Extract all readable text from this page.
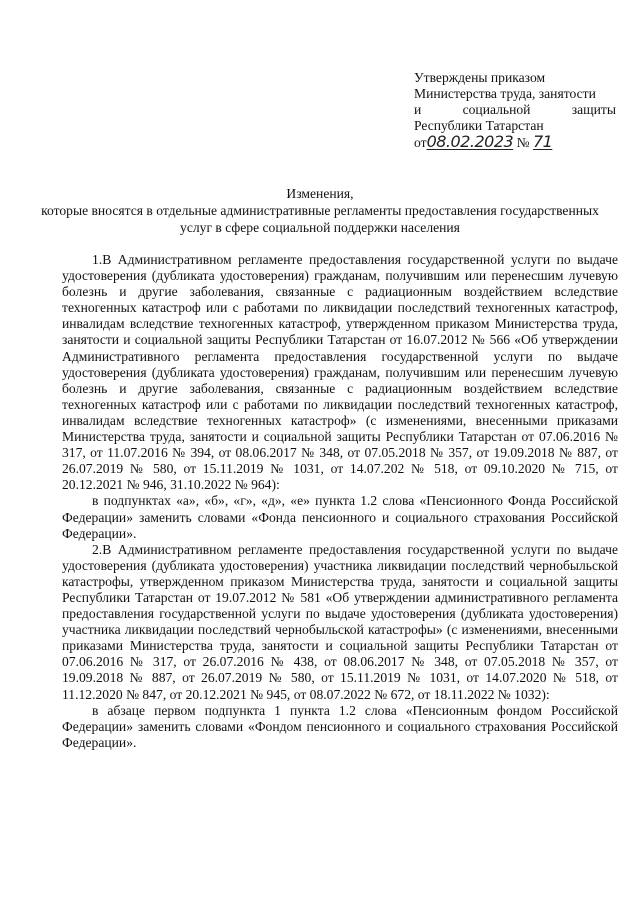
Утверждены приказом
Министерства труда, занятости
и социальной защиты
Республики Татарстан
от08.02.2023 № 71
Изменения,
которые вносятся в отдельные административные регламенты предоставления государственных услуг в сфере социальной поддержки населения

1.В Административном регламенте предоставления государственной услуги по выдаче удостоверения (дубликата удостоверения) гражданам, получившим или перенесшим лучевую болезнь и другие заболевания, связанные с радиационным воздействием вследствие техногенных катастроф или с работами по ликвидации последствий техногенных катастроф, инвалидам вследствие техногенных катастроф, утвержденном приказом Министерства труда, занятости и социальной защиты Республики Татарстан от 16.07.2012 № 566 «Об утверждении Административного регламента предоставления государственной услуги по выдаче удостоверения (дубликата удостоверения) гражданам, получившим или перенесшим лучевую болезнь и другие заболевания, связанные с радиационным воздействием вследствие техногенных катастроф или с работами по ликвидации последствий техногенных катастроф, инвалидам вследствие техногенных катастроф» (с изменениями, внесенными приказами Министерства труда, занятости и социальной защиты Республики Татарстан от 07.06.2016 № 317, от 11.07.2016 № 394, от 08.06.2017 № 348, от 07.05.2018 № 357, от 19.09.2018 № 887, от 26.07.2019 № 580, от 15.11.2019 № 1031, от 14.07.202 № 518, от 09.10.2020 № 715, от 20.12.2021 № 946, 31.10.2022 № 964):

в подпунктах «а», «б», «г», «д», «е» пункта 1.2 слова «Пенсионного Фонда Российской Федерации» заменить словами «Фонда пенсионного и социального страхования Российской Федерации».

2.В Административном регламенте предоставления государственной услуги по выдаче удостоверения (дубликата удостоверения) участника ликвидации последствий чернобыльской катастрофы, утвержденном приказом Министерства труда, занятости и социальной защиты Республики Татарстан от 19.07.2012 № 581 «Об утверждении административного регламента предоставления государственной услуги по выдаче удостоверения (дубликата удостоверения) участника ликвидации последствий чернобыльской катастрофы» (с изменениями, внесенными приказами Министерства труда, занятости и социальной защиты Республики Татарстан от 07.06.2016 № 317, от 26.07.2016 № 438, от 08.06.2017 № 348, от 07.05.2018 № 357, от 19.09.2018 № 887, от 26.07.2019 № 580, от 15.11.2019 № 1031, от 14.07.2020 № 518, от 11.12.2020 № 847, от 20.12.2021 № 945, от 08.07.2022 № 672, от 18.11.2022 № 1032):

в абзаце первом подпункта 1 пункта 1.2 слова «Пенсионным фондом Российской Федерации» заменить словами «Фондом пенсионного и социального страхования Российской Федерации».
